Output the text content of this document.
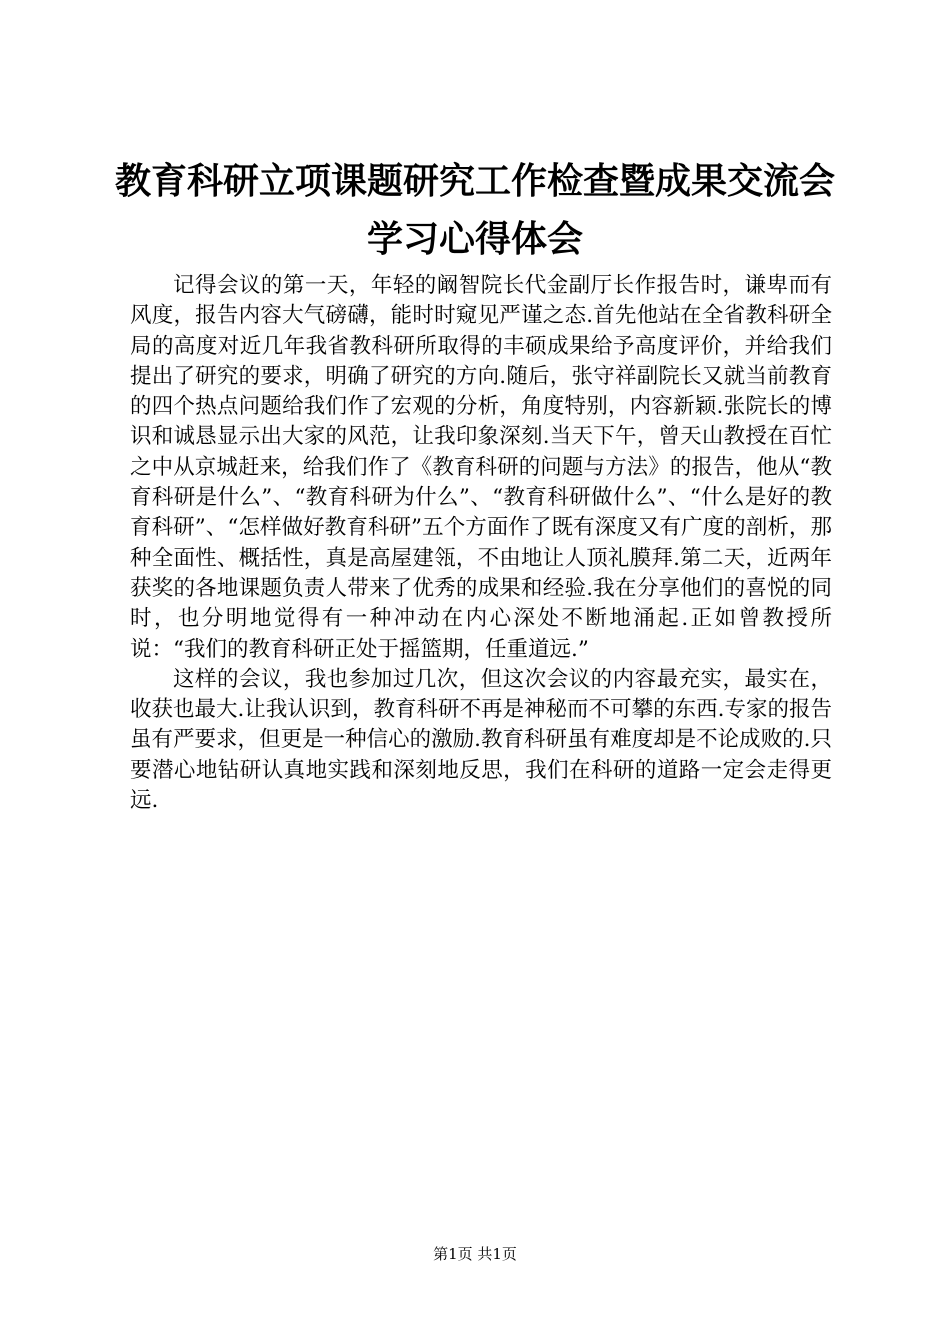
教育科研立项课题研究工作检查暨成果交流会
学习心得体会

记得会议的第一天，年轻的阚智院长代金副厅长作报告时，谦卑而有风度，报告内容大气磅礴，能时时窥见严谨之态.首先他站在全省教科研全局的高度对近几年我省教科研所取得的丰硕成果给予高度评价，并给我们提出了研究的要求，明确了研究的方向.随后，张守祥副院长又就当前教育的四个热点问题给我们作了宏观的分析，角度特别，内容新颖.张院长的博识和诚恳显示出大家的风范，让我印象深刻.当天下午，曾天山教授在百忙之中从京城赶来，给我们作了《教育科研的问题与方法》的报告，他从“教育科研是什么”、“教育科研为什么”、“教育科研做什么”、“什么是好的教育科研”、“怎样做好教育科研”五个方面作了既有深度又有广度的剖析，那种全面性、概括性，真是高屋建瓴，不由地让人顶礼膜拜.第二天，近两年获奖的各地课题负责人带来了优秀的成果和经验.我在分享他们的喜悦的同时，也分明地觉得有一种冲动在内心深处不断地涌起.正如曾教授所说：“我们的教育科研正处于摇篮期，任重道远.”

这样的会议，我也参加过几次，但这次会议的内容最充实，最实在，收获也最大.让我认识到，教育科研不再是神秘而不可攀的东西.专家的报告虽有严要求，但更是一种信心的激励.教育科研虽有难度却是不论成败的.只要潜心地钻研认真地实践和深刻地反思，我们在科研的道路一定会走得更远.

第1页 共1页
